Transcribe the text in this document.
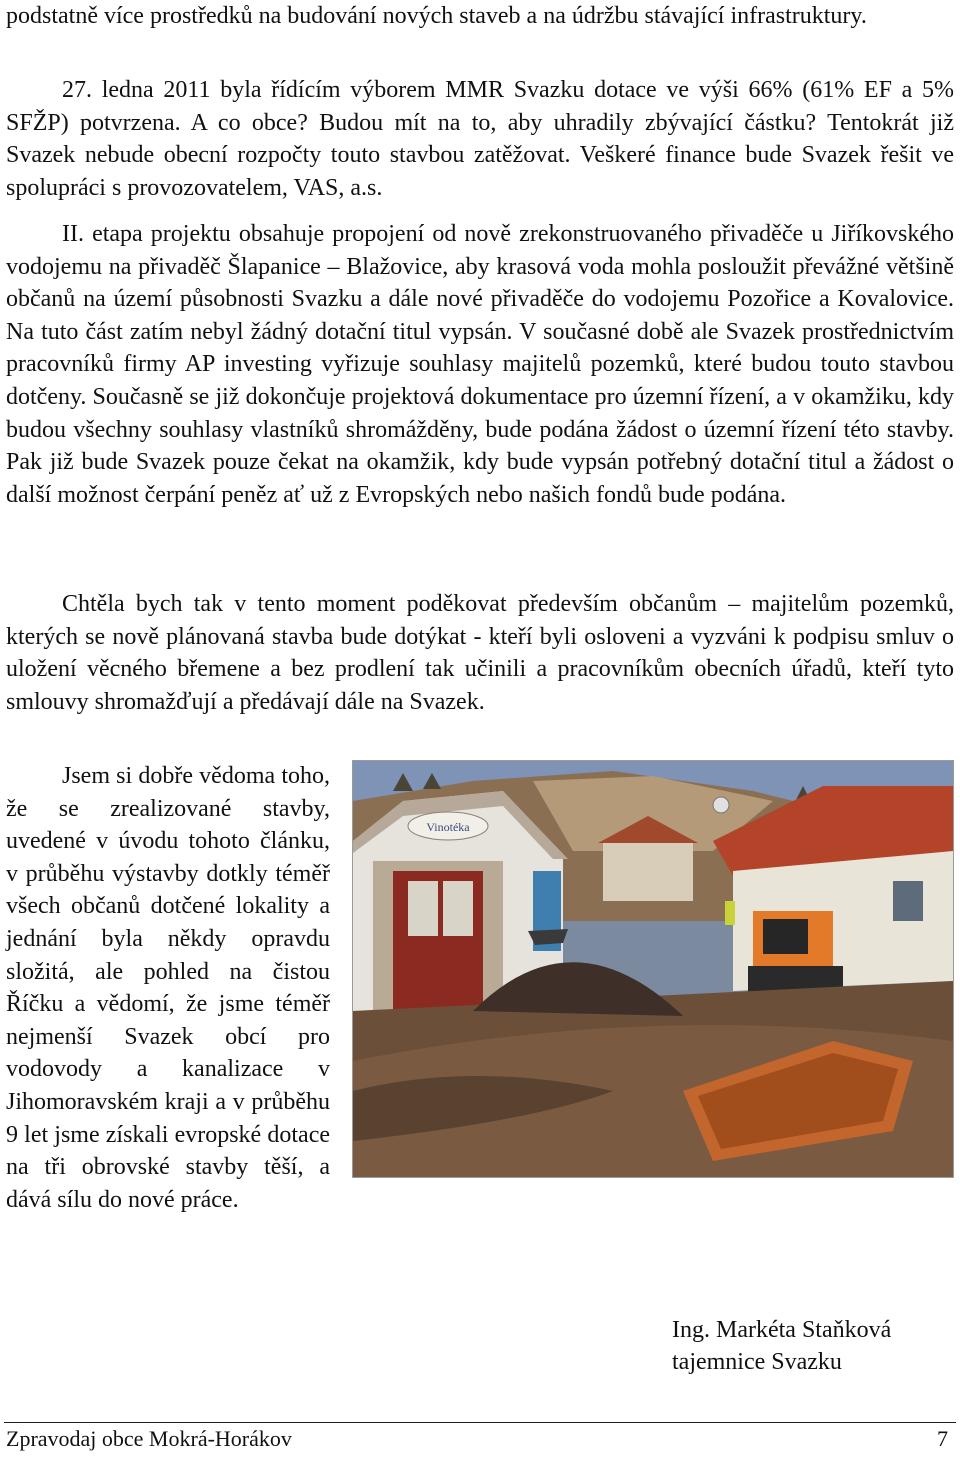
podstatně více prostředků na budování nových staveb a na údržbu stávající infrastruktury.

27. ledna 2011 byla řídícím výborem MMR Svazku dotace ve výši 66% (61% EF a 5% SFŽP) potvrzena. A co obce? Budou mít na to, aby uhradily zbývající částku? Tentokrát již Svazek nebude obecní rozpočty touto stavbou zatěžovat. Veškeré finance bude Svazek řešit ve spolupráci s provozovatelem, VAS, a.s.

II. etapa projektu obsahuje propojení od nově zrekonstruovaného přivaděče u Jiříkovského vodojemu na přivaděč Šlapanice – Blažovice, aby krasová voda mohla posloužit převážné většině občanů na území působnosti Svazku a dále nové přivaděče do vodojemu Pozořice a Kovalovice. Na tuto část zatím nebyl žádný dotační titul vypsán. V současné době ale Svazek prostřednictvím pracovníků firmy AP investing vyřizuje souhlasy majitelů pozemků, které budou touto stavbou dotčeny. Současně se již dokončuje projektová dokumentace pro územní řízení, a v okamžiku, kdy budou všechny souhlasy vlastníků shromážděny, bude podána žádost o územní řízení této stavby. Pak již bude Svazek pouze čekat na okamžik, kdy bude vypsán potřebný dotační titul a žádost o další možnost čerpání peněz ať už z Evropských nebo našich fondů bude podána.

Chtěla bych tak v tento moment poděkovat především občanům – majitelům pozemků, kterých se nově plánovaná stavba bude dotýkat - kteří byli osloveni a vyzváni k podpisu smluv o uložení věcného břemene a bez prodlení tak učinili a pracovníkům obecních úřadů, kteří tyto smlouvy shromažďují a předávají dále na Svazek.

Vinotéka

Jsem si dobře vědoma toho, že se zrealizované stavby, uvedené v úvodu tohoto článku, v průběhu výstavby dotkly téměř všech občanů dotčené lokality a jednání byla někdy opravdu složitá, ale pohled na čistou Říčku a vědomí, že jsme téměř nejmenší Svazek obcí pro vodovody a kanalizace v Jihomoravském kraji a v průběhu 9 let jsme získali evropské dotace na tři obrovské stavby těší, a dává sílu do nové práce.

Ing. Markéta Staňková
tajemnice Svazku
Zpravodaj obce Mokrá-Horákov	7
